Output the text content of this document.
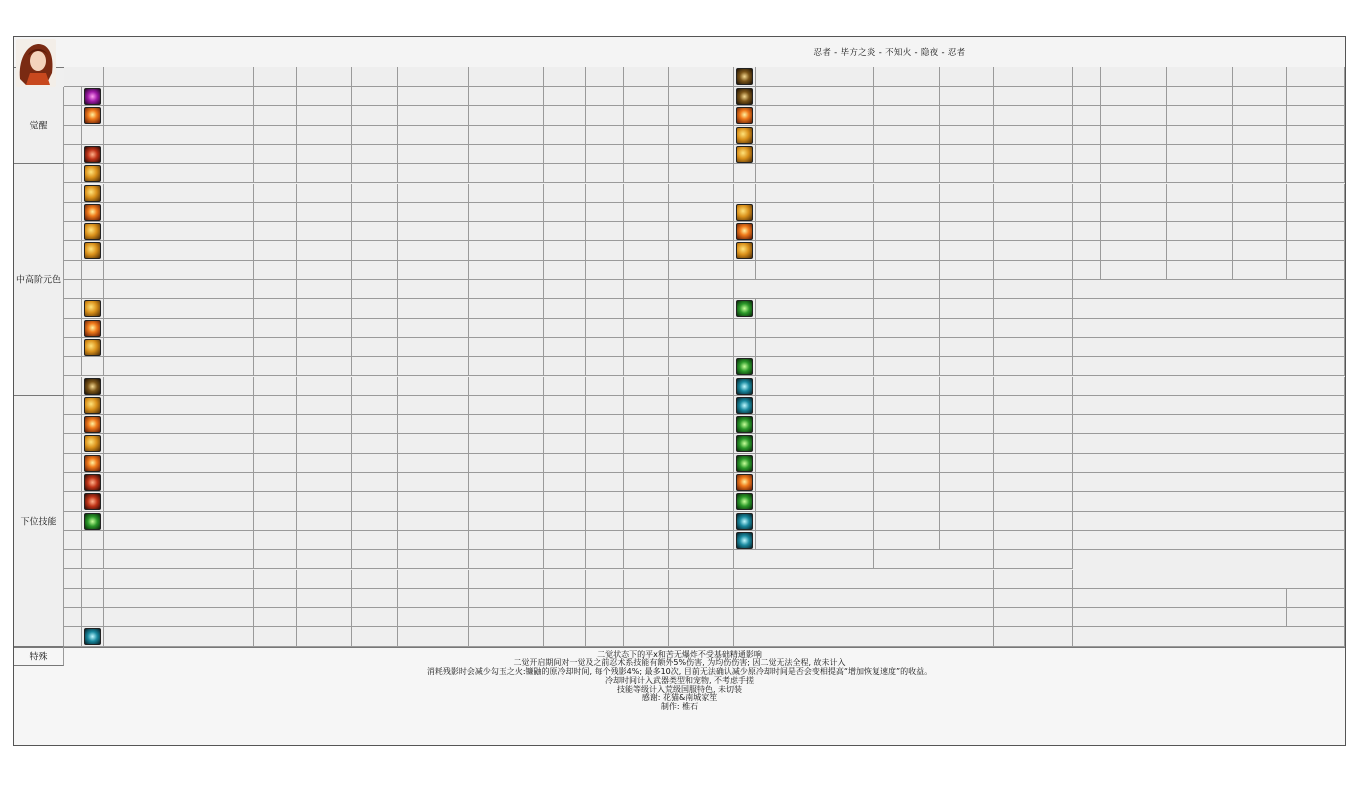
忍者 - 毕方之炎 - 不知火 - 隐夜 - 忍者
二觉状态下的平x和苦无爆炸不受基础精通影响
二觉开启期间对一觉及之前忍术系技能有额外5%伤害, 为均伤伤害; 因二觉无法全程, 故未计入
消耗残影时会减少勾玉之火:镰鼬的原冷却时间, 每个残影4%; 最多10次, 目前无法确认减少原冷却时间是否会变相提高“增加恢复速度”的收益。
冷却时间计入武器类型和宠物, 不考虑手搓
技能等级计入荒级国服特色, 未切装
感谢: 花猫&南城家笙
制作: 椎石
觉醒
中高阶元色
下位技能
特殊
